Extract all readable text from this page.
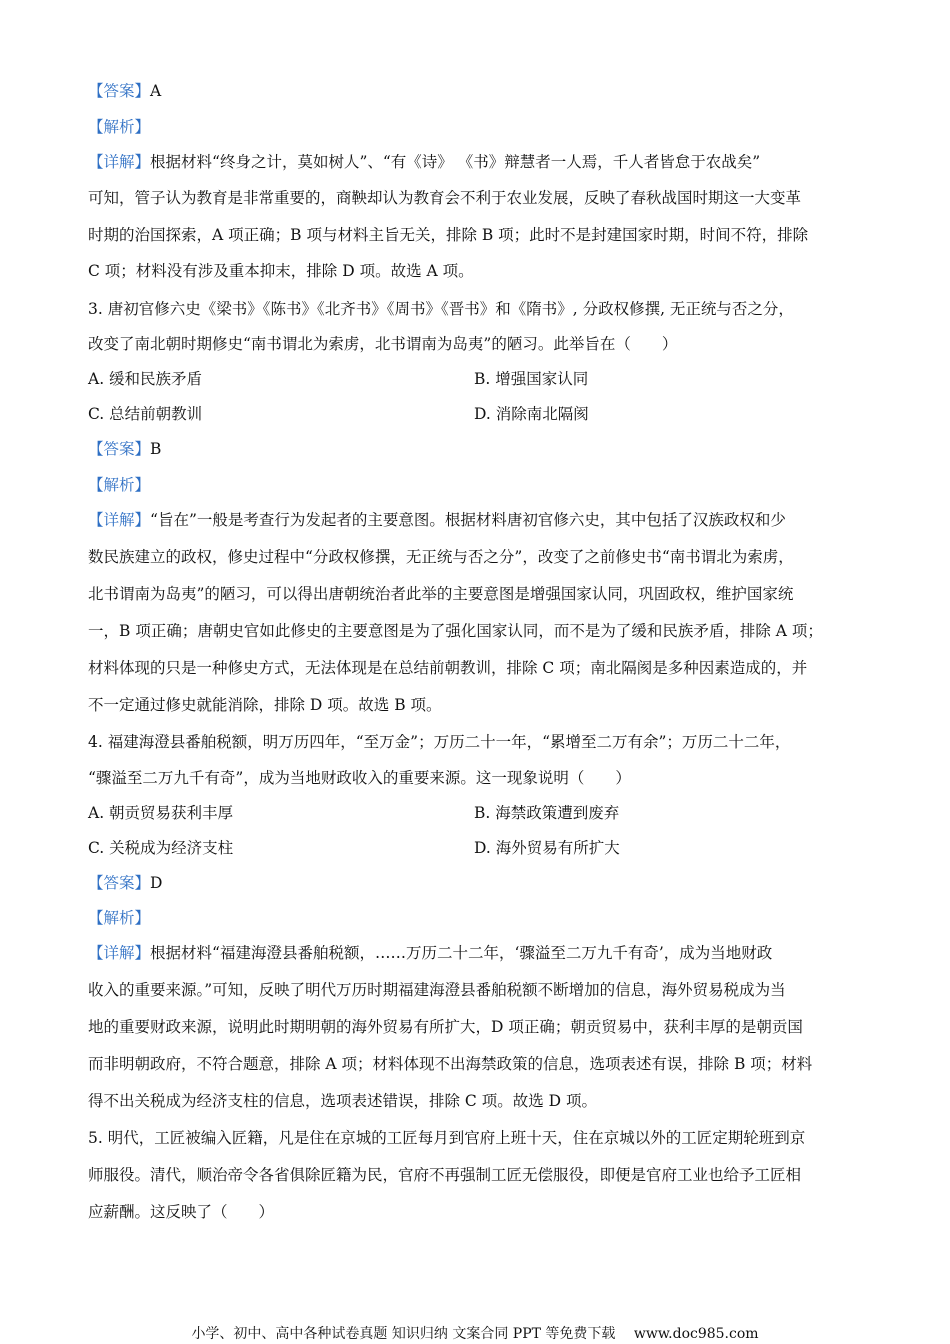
【答案】A
【解析】
【详解】根据材料“终身之计，莫如树人”、“有《诗》 《书》辩慧者一人焉，千人者皆怠于农战矣”
可知，管子认为教育是非常重要的，商鞅却认为教育会不利于农业发展，反映了春秋战国时期这一大变革
时期的治国探索，A 项正确；B 项与材料主旨无关，排除 B 项；此时不是封建国家时期，时间不符，排除
C 项；材料没有涉及重本抑末，排除 D 项。故选 A 项。
3. 唐初官修六史《梁书》《陈书》《北齐书》《周书》《晋书》和《隋书》, 分政权修撰, 无正统与否之分，
改变了南北朝时期修史“南书谓北为索虏，北书谓南为岛夷”的陋习。此举旨在（　　）
A. 缓和民族矛盾	B. 增强国家认同
C. 总结前朝教训	D. 消除南北隔阂
【答案】B
【解析】
【详解】“旨在”一般是考查行为发起者的主要意图。根据材料唐初官修六史，其中包括了汉族政权和少
数民族建立的政权，修史过程中“分政权修撰，无正统与否之分”，改变了之前修史书“南书谓北为索虏，
北书谓南为岛夷”的陋习，可以得出唐朝统治者此举的主要意图是增强国家认同，巩固政权，维护国家统
一，B 项正确；唐朝史官如此修史的主要意图是为了强化国家认同，而不是为了缓和民族矛盾，排除 A 项；
材料体现的只是一种修史方式，无法体现是在总结前朝教训，排除 C 项；南北隔阂是多种因素造成的，并
不一定通过修史就能消除，排除 D 项。故选 B 项。
4. 福建海澄县番舶税额，明万历四年，“至万金”；万历二十一年，“累增至二万有余”；万历二十二年，
“骤溢至二万九千有奇”，成为当地财政收入的重要来源。这一现象说明（　　）
A. 朝贡贸易获利丰厚	B. 海禁政策遭到废弃
C. 关税成为经济支柱	D. 海外贸易有所扩大
【答案】D
【解析】
【详解】根据材料“福建海澄县番舶税额，……万历二十二年，‘骤溢至二万九千有奇’，成为当地财政
收入的重要来源。”可知，反映了明代万历时期福建海澄县番舶税额不断增加的信息，海外贸易税成为当
地的重要财政来源，说明此时期明朝的海外贸易有所扩大，D 项正确；朝贡贸易中，获利丰厚的是朝贡国
而非明朝政府，不符合题意，排除 A 项；材料体现不出海禁政策的信息，选项表述有误，排除 B 项；材料
得不出关税成为经济支柱的信息，选项表述错误，排除 C 项。故选 D 项。
5. 明代，工匠被编入匠籍，凡是住在京城的工匠每月到官府上班十天，住在京城以外的工匠定期轮班到京
师服役。清代，顺治帝令各省俱除匠籍为民，官府不再强制工匠无偿服役，即便是官府工业也给予工匠相
应薪酬。这反映了（　　）
小学、初中、高中各种试卷真题 知识归纳 文案合同 PPT 等免费下载　 www.doc985.com
